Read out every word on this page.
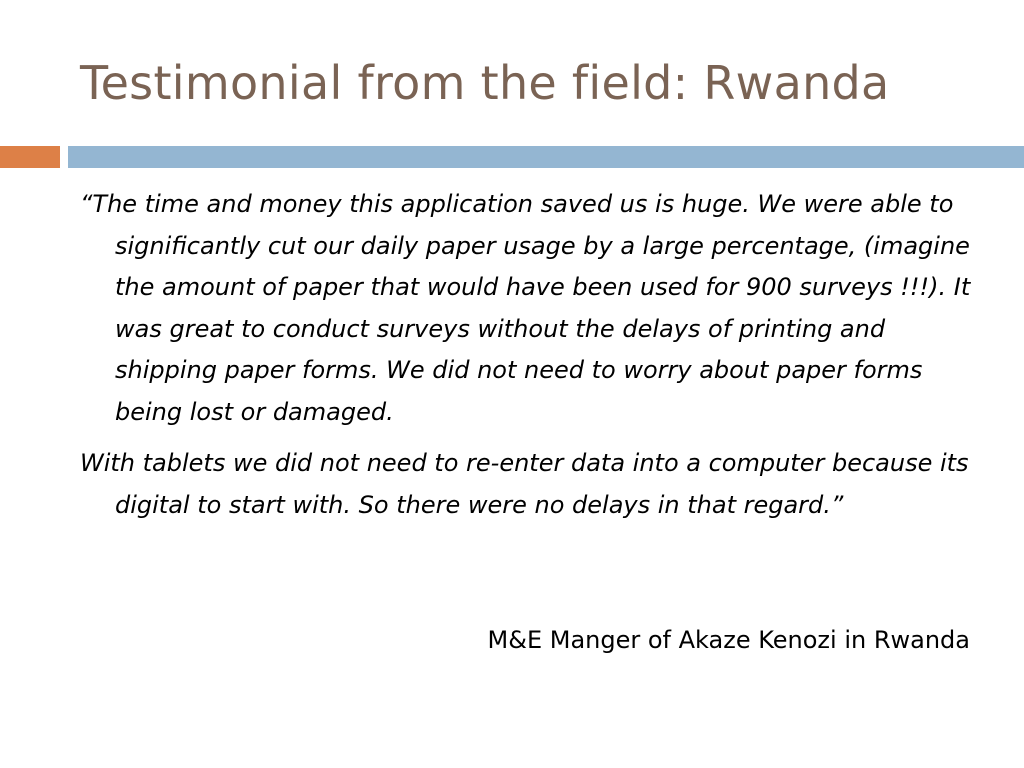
Testimonial from the field: Rwanda

“The time and money this application saved us is huge. We were able to significantly cut our daily paper usage by a large percentage, (imagine the amount of paper that would have been used for 900 surveys !!!). It was great to conduct surveys without the delays of printing and shipping paper forms. We did not need to worry about paper forms being lost or damaged.

With tablets we did not need to re-enter data into a computer because its digital to start with. So there were no delays in that regard.”

M&E Manger of Akaze Kenozi in Rwanda
